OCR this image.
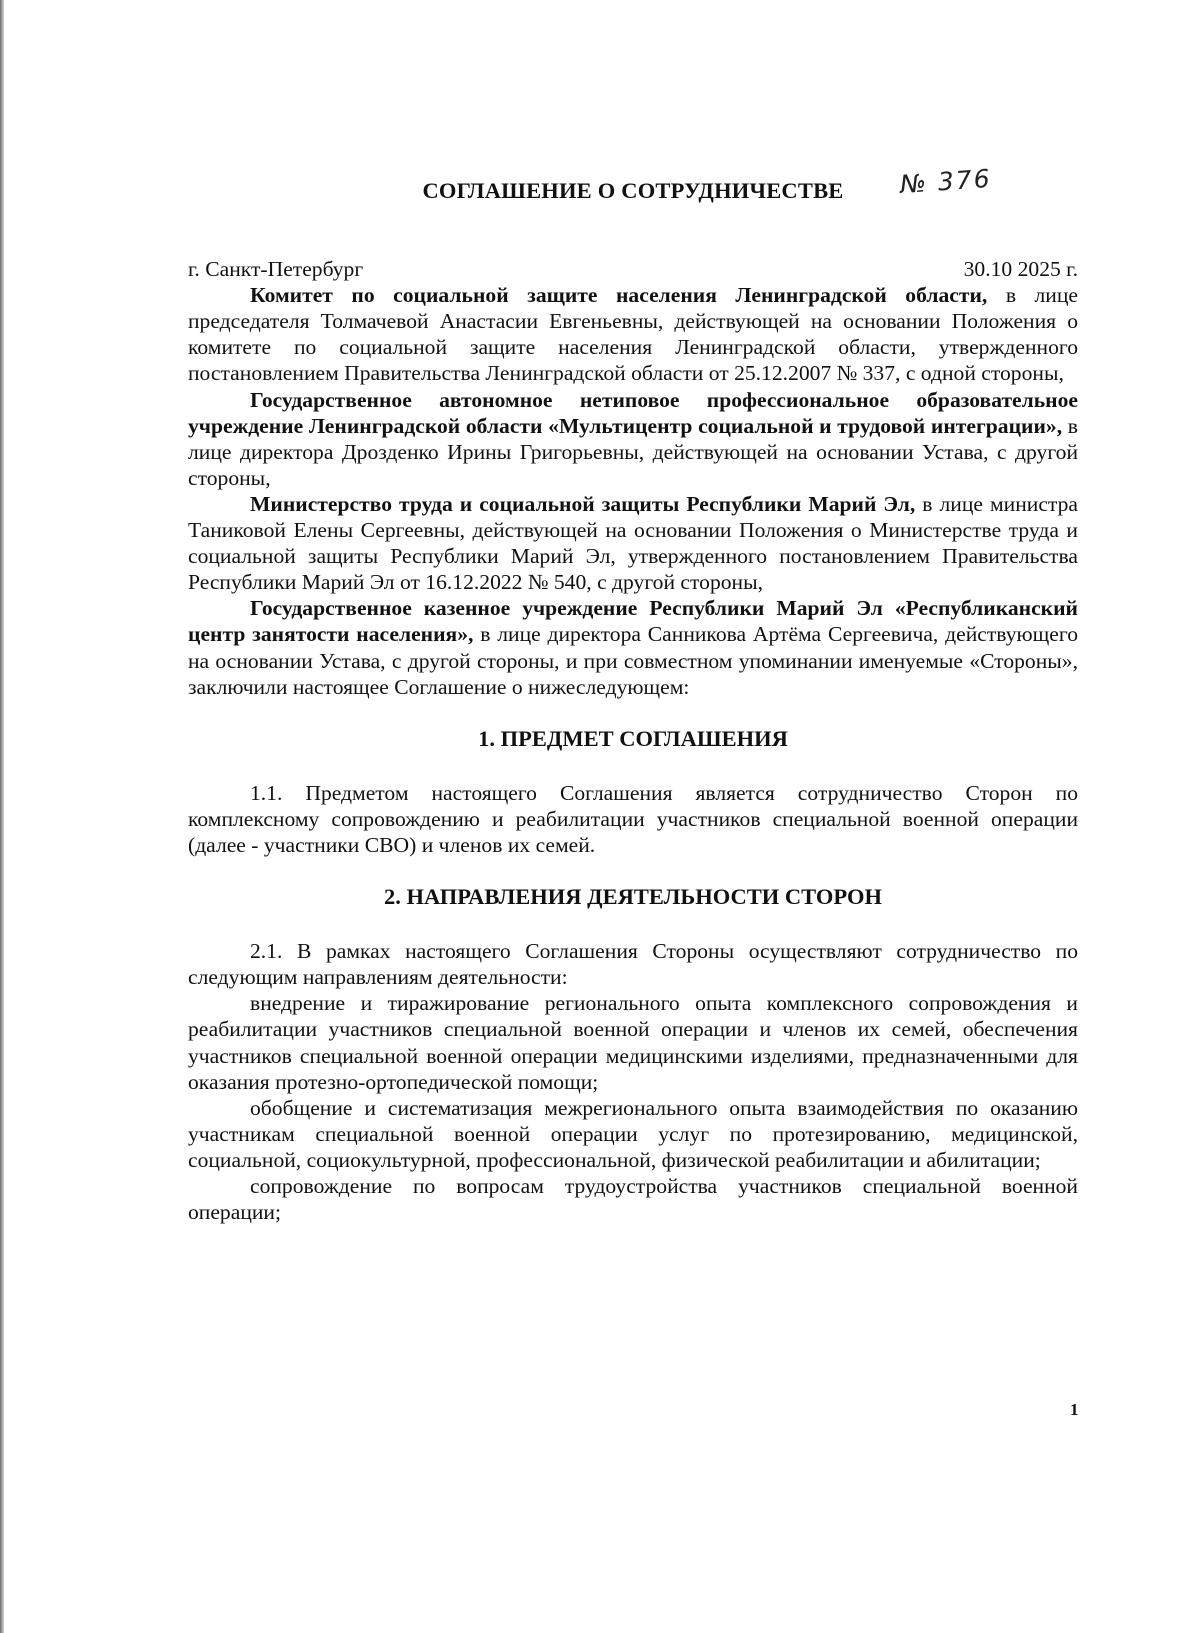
СОГЛАШЕНИЕ О СОТРУДНИЧЕСТВЕ № 376
г. Санкт-Петербург	30.10 2025 г.

Комитет по социальной защите населения Ленинградской области, в лице председателя Толмачевой Анастасии Евгеньевны, действующей на основании Положения о комитете по социальной защите населения Ленинградской области, утвержденного постановлением Правительства Ленинградской области от 25.12.2007 № 337, с одной стороны,

Государственное автономное нетиповое профессиональное образовательное учреждение Ленинградской области «Мультицентр социальной и трудовой интеграции», в лице директора Дрозденко Ирины Григорьевны, действующей на основании Устава, с другой стороны,

Министерство труда и социальной защиты Республики Марий Эл, в лице министра Таниковой Елены Сергеевны, действующей на основании Положения о Министерстве труда и социальной защиты Республики Марий Эл, утвержденного постановлением Правительства Республики Марий Эл от 16.12.2022 № 540, с другой стороны,

Государственное казенное учреждение Республики Марий Эл «Республиканский центр занятости населения», в лице директора Санникова Артёма Сергеевича, действующего на основании Устава, с другой стороны, и при совместном упоминании именуемые «Стороны», заключили настоящее Соглашение о нижеследующем:

1. ПРЕДМЕТ СОГЛАШЕНИЯ

1.1. Предметом настоящего Соглашения является сотрудничество Сторон по комплексному сопровождению и реабилитации участников специальной военной операции (далее - участники СВО) и членов их семей.

2. НАПРАВЛЕНИЯ ДЕЯТЕЛЬНОСТИ СТОРОН

2.1. В рамках настоящего Соглашения Стороны осуществляют сотрудничество по следующим направлениям деятельности:

внедрение и тиражирование регионального опыта комплексного сопровождения и реабилитации участников специальной военной операции и членов их семей, обеспечения участников специальной военной операции медицинскими изделиями, предназначенными для оказания протезно-ортопедической помощи;

обобщение и систематизация межрегионального опыта взаимодействия по оказанию участникам специальной военной операции услуг по протезированию, медицинской, социальной, социокультурной, профессиональной, физической реабилитации и абилитации;

сопровождение по вопросам трудоустройства участников специальной военной операции;

1
